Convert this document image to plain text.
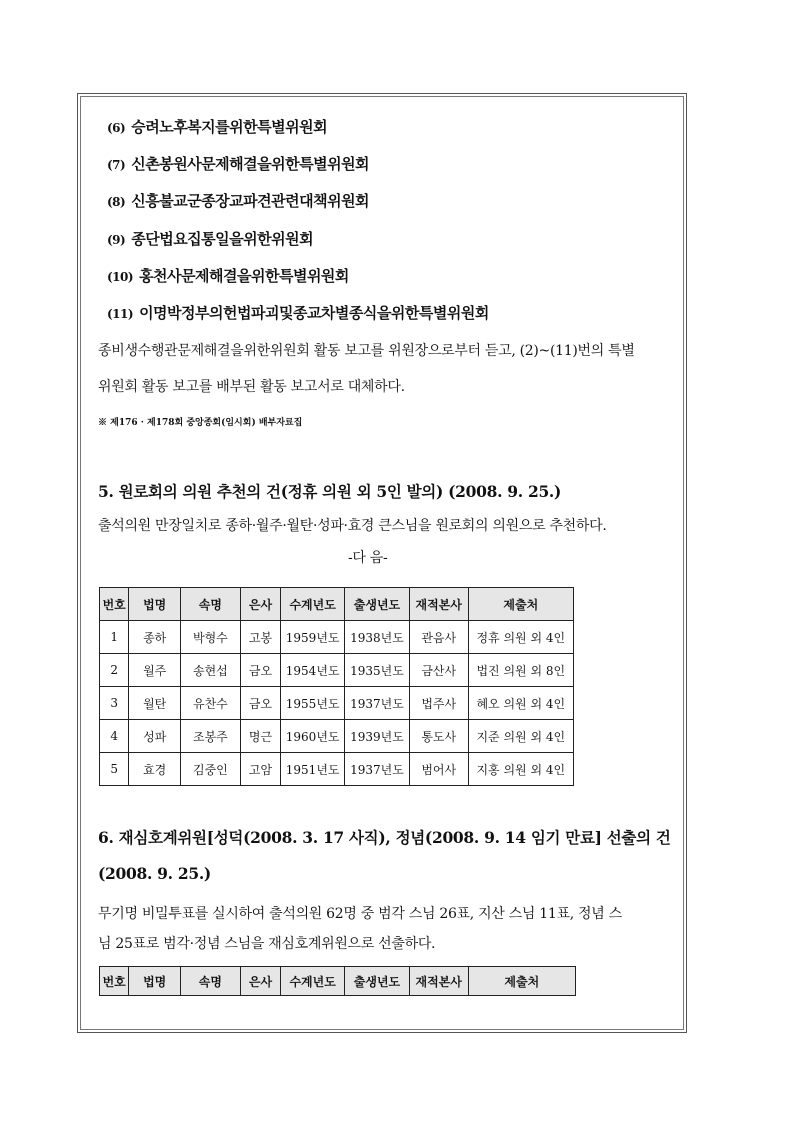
(6) 승려노후복지를위한특별위원회
(7) 신촌봉원사문제해결을위한특별위원회
(8) 신흥불교군종장교파견관련대책위원회
(9) 종단법요집통일을위한위원회
(10) 홍천사문제해결을위한특별위원회
(11) 이명박정부의헌법파괴및종교차별종식을위한특별위원회
종비생수행관문제해결을위한위원회 활동 보고를 위원장으로부터 듣고, (2)~(11)번의 특별
위원회 활동 보고를 배부된 활동 보고서로 대체하다.
※ 제176 · 제178회 중앙종회(임시회) 배부자료집
5. 원로회의 의원 추천의 건(정휴 의원 외 5인 발의) (2008. 9. 25.)
출석의원 만장일치로 종하·월주·월탄·성파·효경 큰스님을 원로회의 의원으로 추천하다.
-다 음-
번호	법명	속명	은사	수계년도	출생년도	재적본사	제출처
1	종하	박형수	고봉	1959년도	1938년도	관음사	정휴 의원 외 4인
2	월주	송현섭	금오	1954년도	1935년도	금산사	법진 의원 외 8인
3	월탄	유찬수	금오	1955년도	1937년도	법주사	혜오 의원 외 4인
4	성파	조봉주	명근	1960년도	1939년도	통도사	지준 의원 외 4인
5	효경	김중인	고암	1951년도	1937년도	범어사	지홍 의원 외 4인
6. 재심호계위원[성덕(2008. 3. 17 사직), 정념(2008. 9. 14 임기 만료] 선출의 건
(2008. 9. 25.)
무기명 비밀투표를 실시하여 출석의원 62명 중 범각 스님 26표, 지산 스님 11표, 정념 스
님 25표로 범각·정념 스님을 재심호계위원으로 선출하다.
번호	법명	속명	은사	수계년도	출생년도	재적본사	제출처
